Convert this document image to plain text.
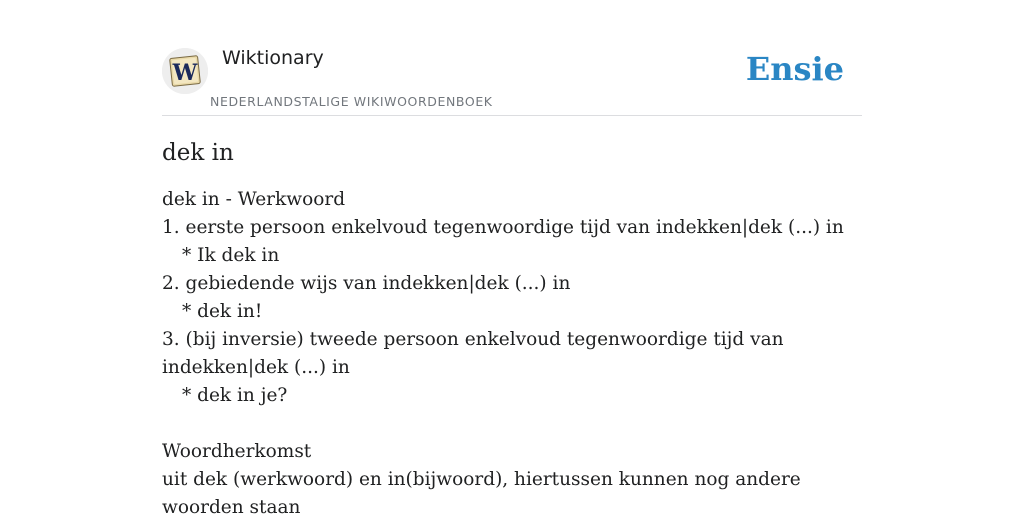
W
Wiktionary
NEDERLANDSTALIGE WIKIWOORDENBOEK
Ensie
dek in
dek in - Werkwoord
1. eerste persoon enkelvoud tegenwoordige tijd van indekken|dek (...) in
* Ik dek in
2. gebiedende wijs van indekken|dek (...) in
* dek in!
3. (bij inversie) tweede persoon enkelvoud tegenwoordige tijd van indekken|dek (...) in
* dek in je?
Woordherkomst
uit dek (werkwoord) en in(bijwoord), hiertussen kunnen nog andere woorden staan
